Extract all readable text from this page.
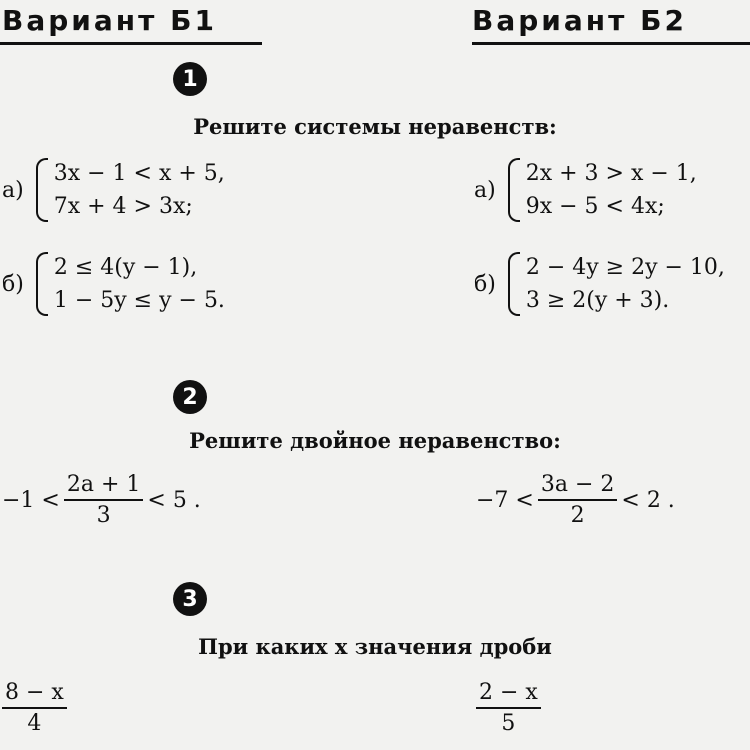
Вариант Б1	Вариант Б2
1
Решите системы неравенств:
а)
3x − 1 < x + 5,
7x + 4 > 3x;
б)
2 ≤ 4(y − 1),
1 − 5y ≤ y − 5.
а)
2x + 3 > x − 1,
9x − 5 < 4x;
б)
2 − 4y ≥ 2y − 10,
3 ≥ 2(y + 3).
2
Решите двойное неравенство:
$-1 < \frac{2a + 1}{3} < 5$ .	$-7 < \frac{3a - 2}{2} < 2$ .
3
При каких x значения дроби
$\frac{8 - x}{4}$	$\frac{2 - x}{5}$
